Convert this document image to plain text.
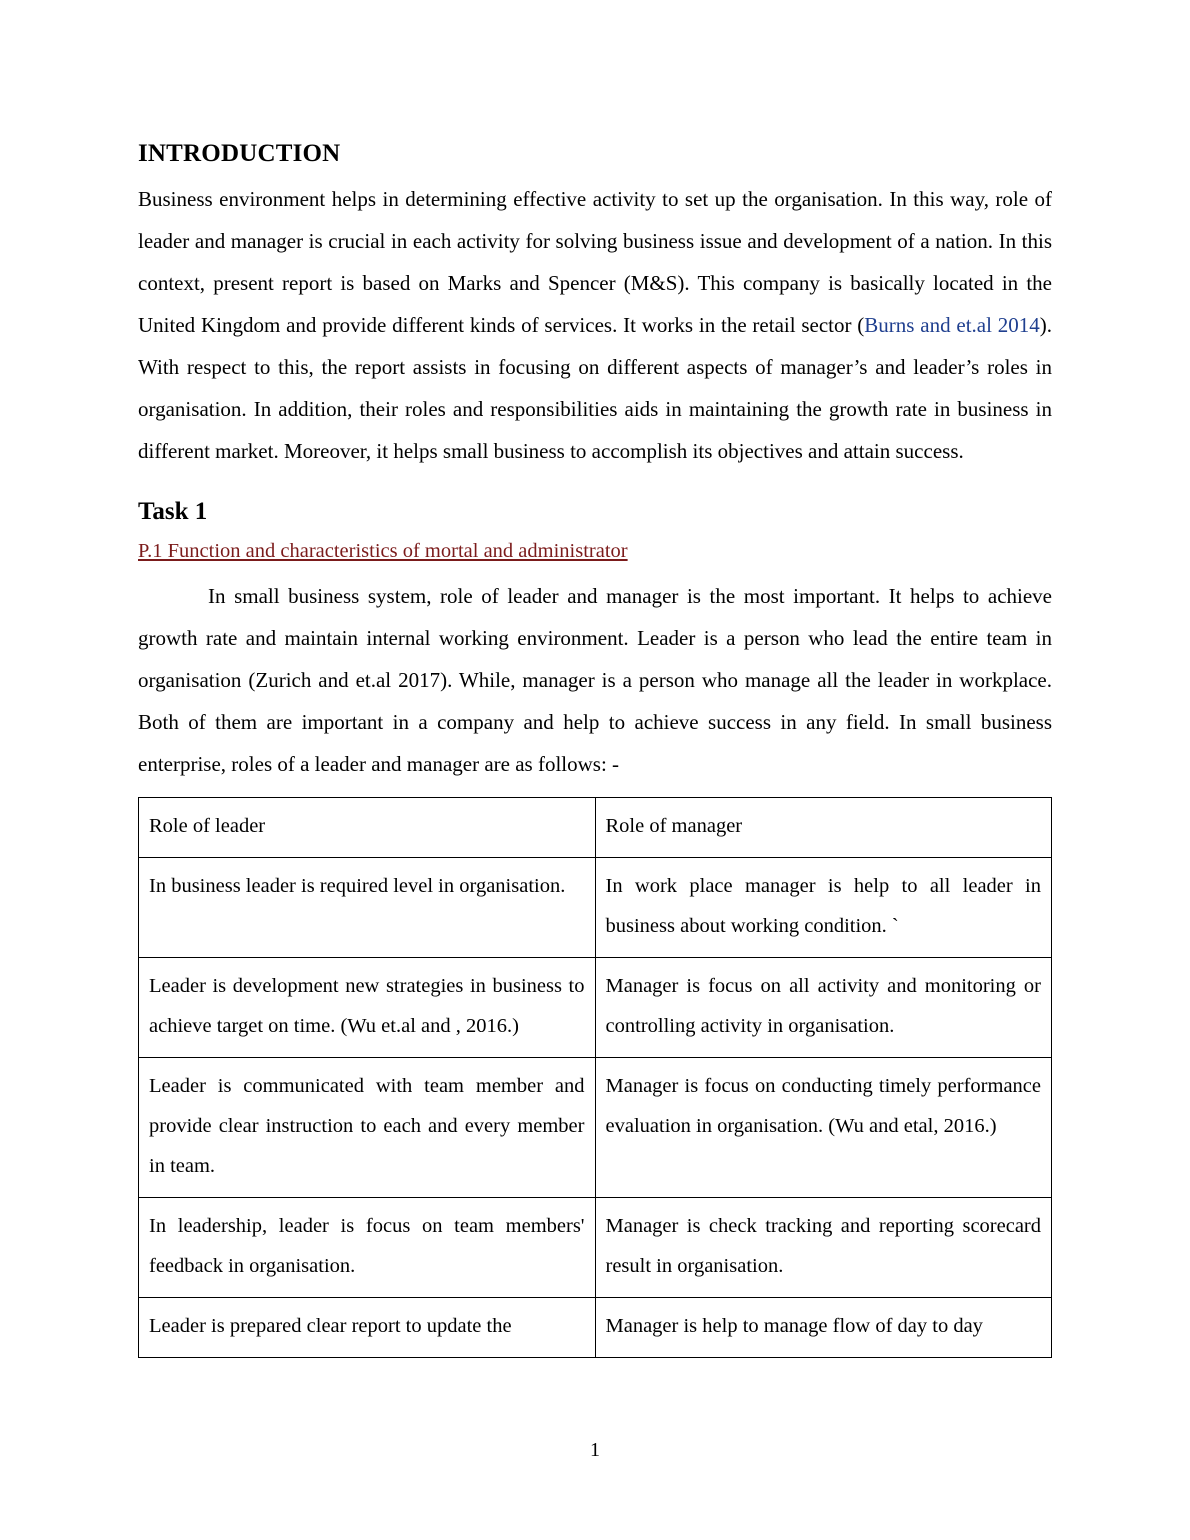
INTRODUCTION

Business environment helps in determining effective activity to set up the organisation. In this way, role of leader and manager is crucial in each activity for solving business issue and development of a nation. In this context, present report is based on Marks and Spencer (M&S). This company is basically located in the United Kingdom and provide different kinds of services. It works in the retail sector (Burns and et.al 2014). With respect to this, the report assists in focusing on different aspects of manager’s and leader’s roles in organisation. In addition, their roles and responsibilities aids in maintaining the growth rate in business in different market. Moreover, it helps small business to accomplish its objectives and attain success.

Task 1
P.1 Function and characteristics of mortal and administrator

In small business system, role of leader and manager is the most important. It helps to achieve growth rate and maintain internal working environment. Leader is a person who lead the entire team in organisation (Zurich and et.al 2017). While, manager is a person who manage all the leader in workplace. Both of them are important in a company and help to achieve success in any field. In small business enterprise, roles of a leader and manager are as follows: -

Role of leader	Role of manager
In business leader is required level in organisation.	In work place manager is help to all leader in business about working condition. `
Leader is development new strategies in business to achieve target on time. (Wu et.al and , 2016.)	Manager is focus on all activity and monitoring or controlling activity in organisation.
Leader is communicated with team member and provide clear instruction to each and every member in team.	Manager is focus on conducting timely performance evaluation in organisation. (Wu and etal, 2016.)
In leadership, leader is focus on team members' feedback in organisation.	Manager is check tracking and reporting scorecard result in organisation.
Leader is prepared clear report to update the	Manager is help to manage flow of day to day
1
